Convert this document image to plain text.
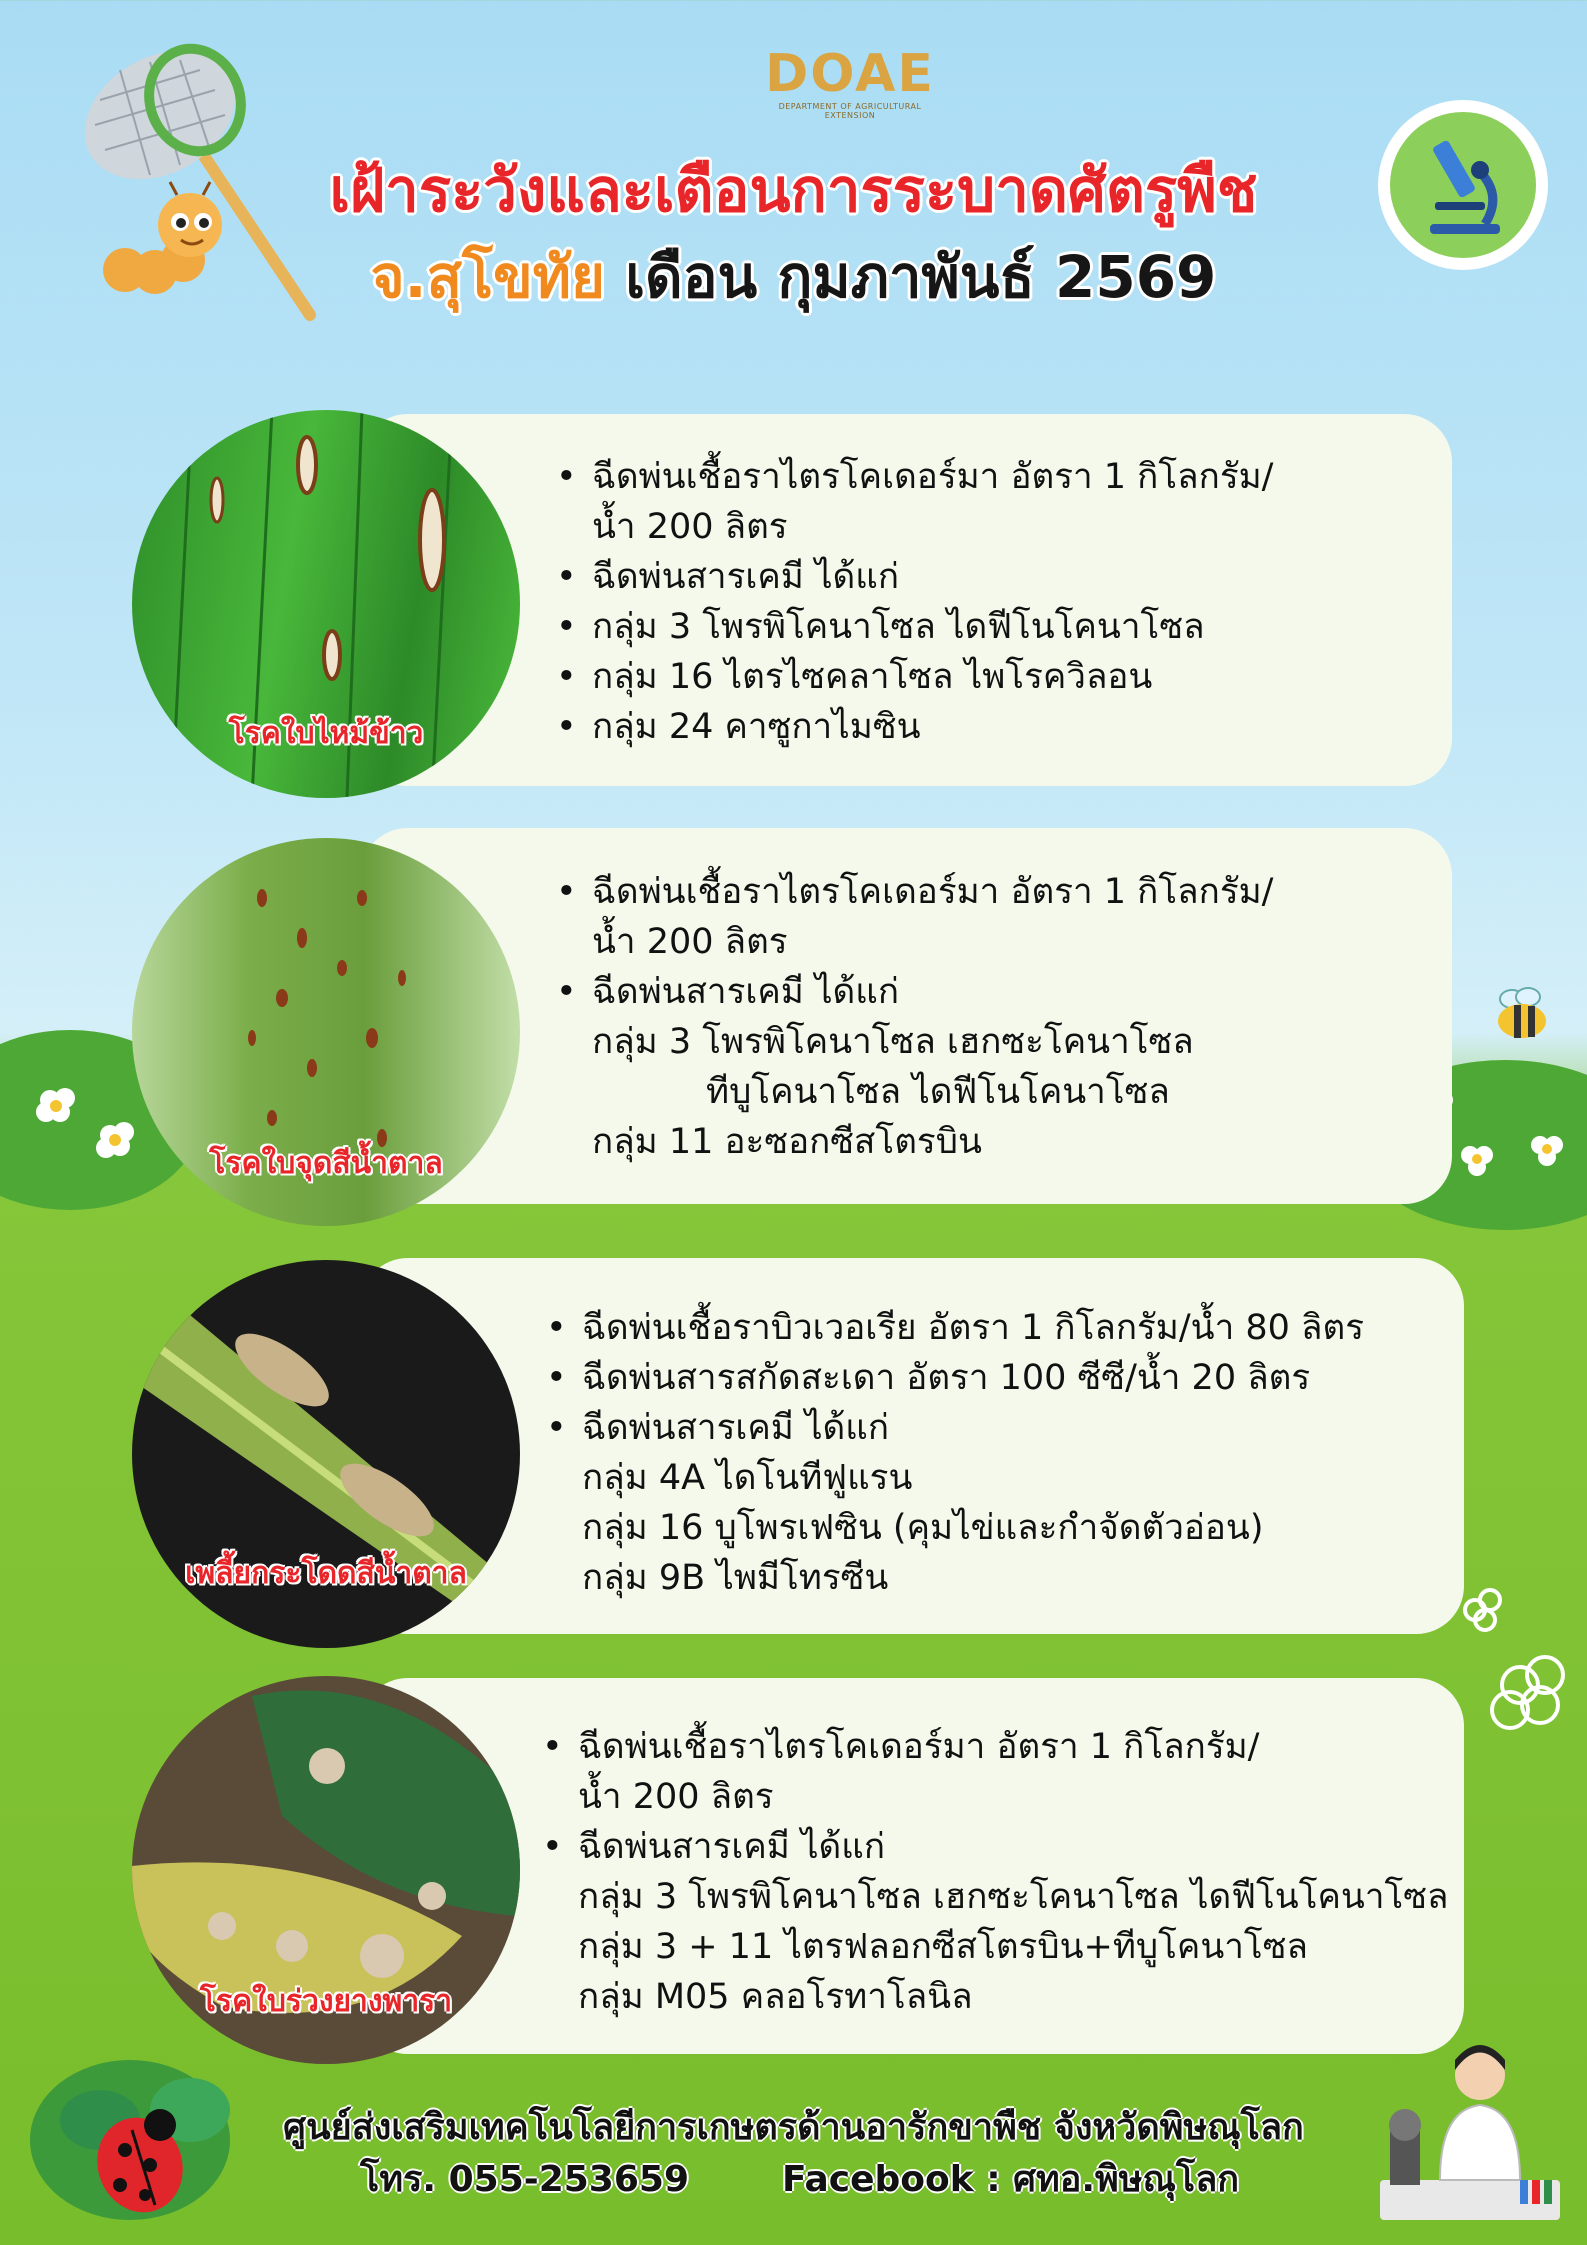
DOAE
DEPARTMENT OF AGRICULTURAL EXTENSION
เฝ้าระวังและเตือนการระบาดศัตรูพืช
จ.สุโขทัย เดือน กุมภาพันธ์ 2569
โรคใบไหม้ข้าว
• ฉีดพ่นเชื้อราไตรโคเดอร์มา อัตรา 1 กิโลกรัม/
น้ำ 200 ลิตร
• ฉีดพ่นสารเคมี ได้แก่
• กลุ่ม 3 โพรพิโคนาโซล ไดฟีโนโคนาโซล
• กลุ่ม 16 ไตรไซคลาโซล ไพโรควิลอน
• กลุ่ม 24 คาซูกาไมซิน
โรคใบจุดสีน้ำตาล
• ฉีดพ่นเชื้อราไตรโคเดอร์มา อัตรา 1 กิโลกรัม/
น้ำ 200 ลิตร
• ฉีดพ่นสารเคมี ได้แก่
กลุ่ม 3 โพรพิโคนาโซล เฮกซะโคนาโซล
ทีบูโคนาโซล ไดฟีโนโคนาโซล
กลุ่ม 11 อะซอกซีสโตรบิน
เพลี้ยกระโดดสีน้ำตาล
• ฉีดพ่นเชื้อราบิวเวอเรีย อัตรา 1 กิโลกรัม/น้ำ 80 ลิตร
• ฉีดพ่นสารสกัดสะเดา อัตรา 100 ซีซี/น้ำ 20 ลิตร
• ฉีดพ่นสารเคมี ได้แก่
กลุ่ม 4A ไดโนทีฟูแรน
กลุ่ม 16 บูโพรเฟซิน (คุมไข่และกำจัดตัวอ่อน)
กลุ่ม 9B ไพมีโทรซีน
โรคใบร่วงยางพารา
• ฉีดพ่นเชื้อราไตรโคเดอร์มา อัตรา 1 กิโลกรัม/
น้ำ 200 ลิตร
• ฉีดพ่นสารเคมี ได้แก่
กลุ่ม 3 โพรพิโคนาโซล เฮกซะโคนาโซล ไดฟีโนโคนาโซล
กลุ่ม 3 + 11 ไตรฟลอกซีสโตรบิน+ทีบูโคนาโซล
กลุ่ม M05 คลอโรทาโลนิล
ศูนย์ส่งเสริมเทคโนโลยีการเกษตรด้านอารักขาพืช จังหวัดพิษณุโลก
โทร. 055-253659	Facebook : ศทอ.พิษณุโลก
